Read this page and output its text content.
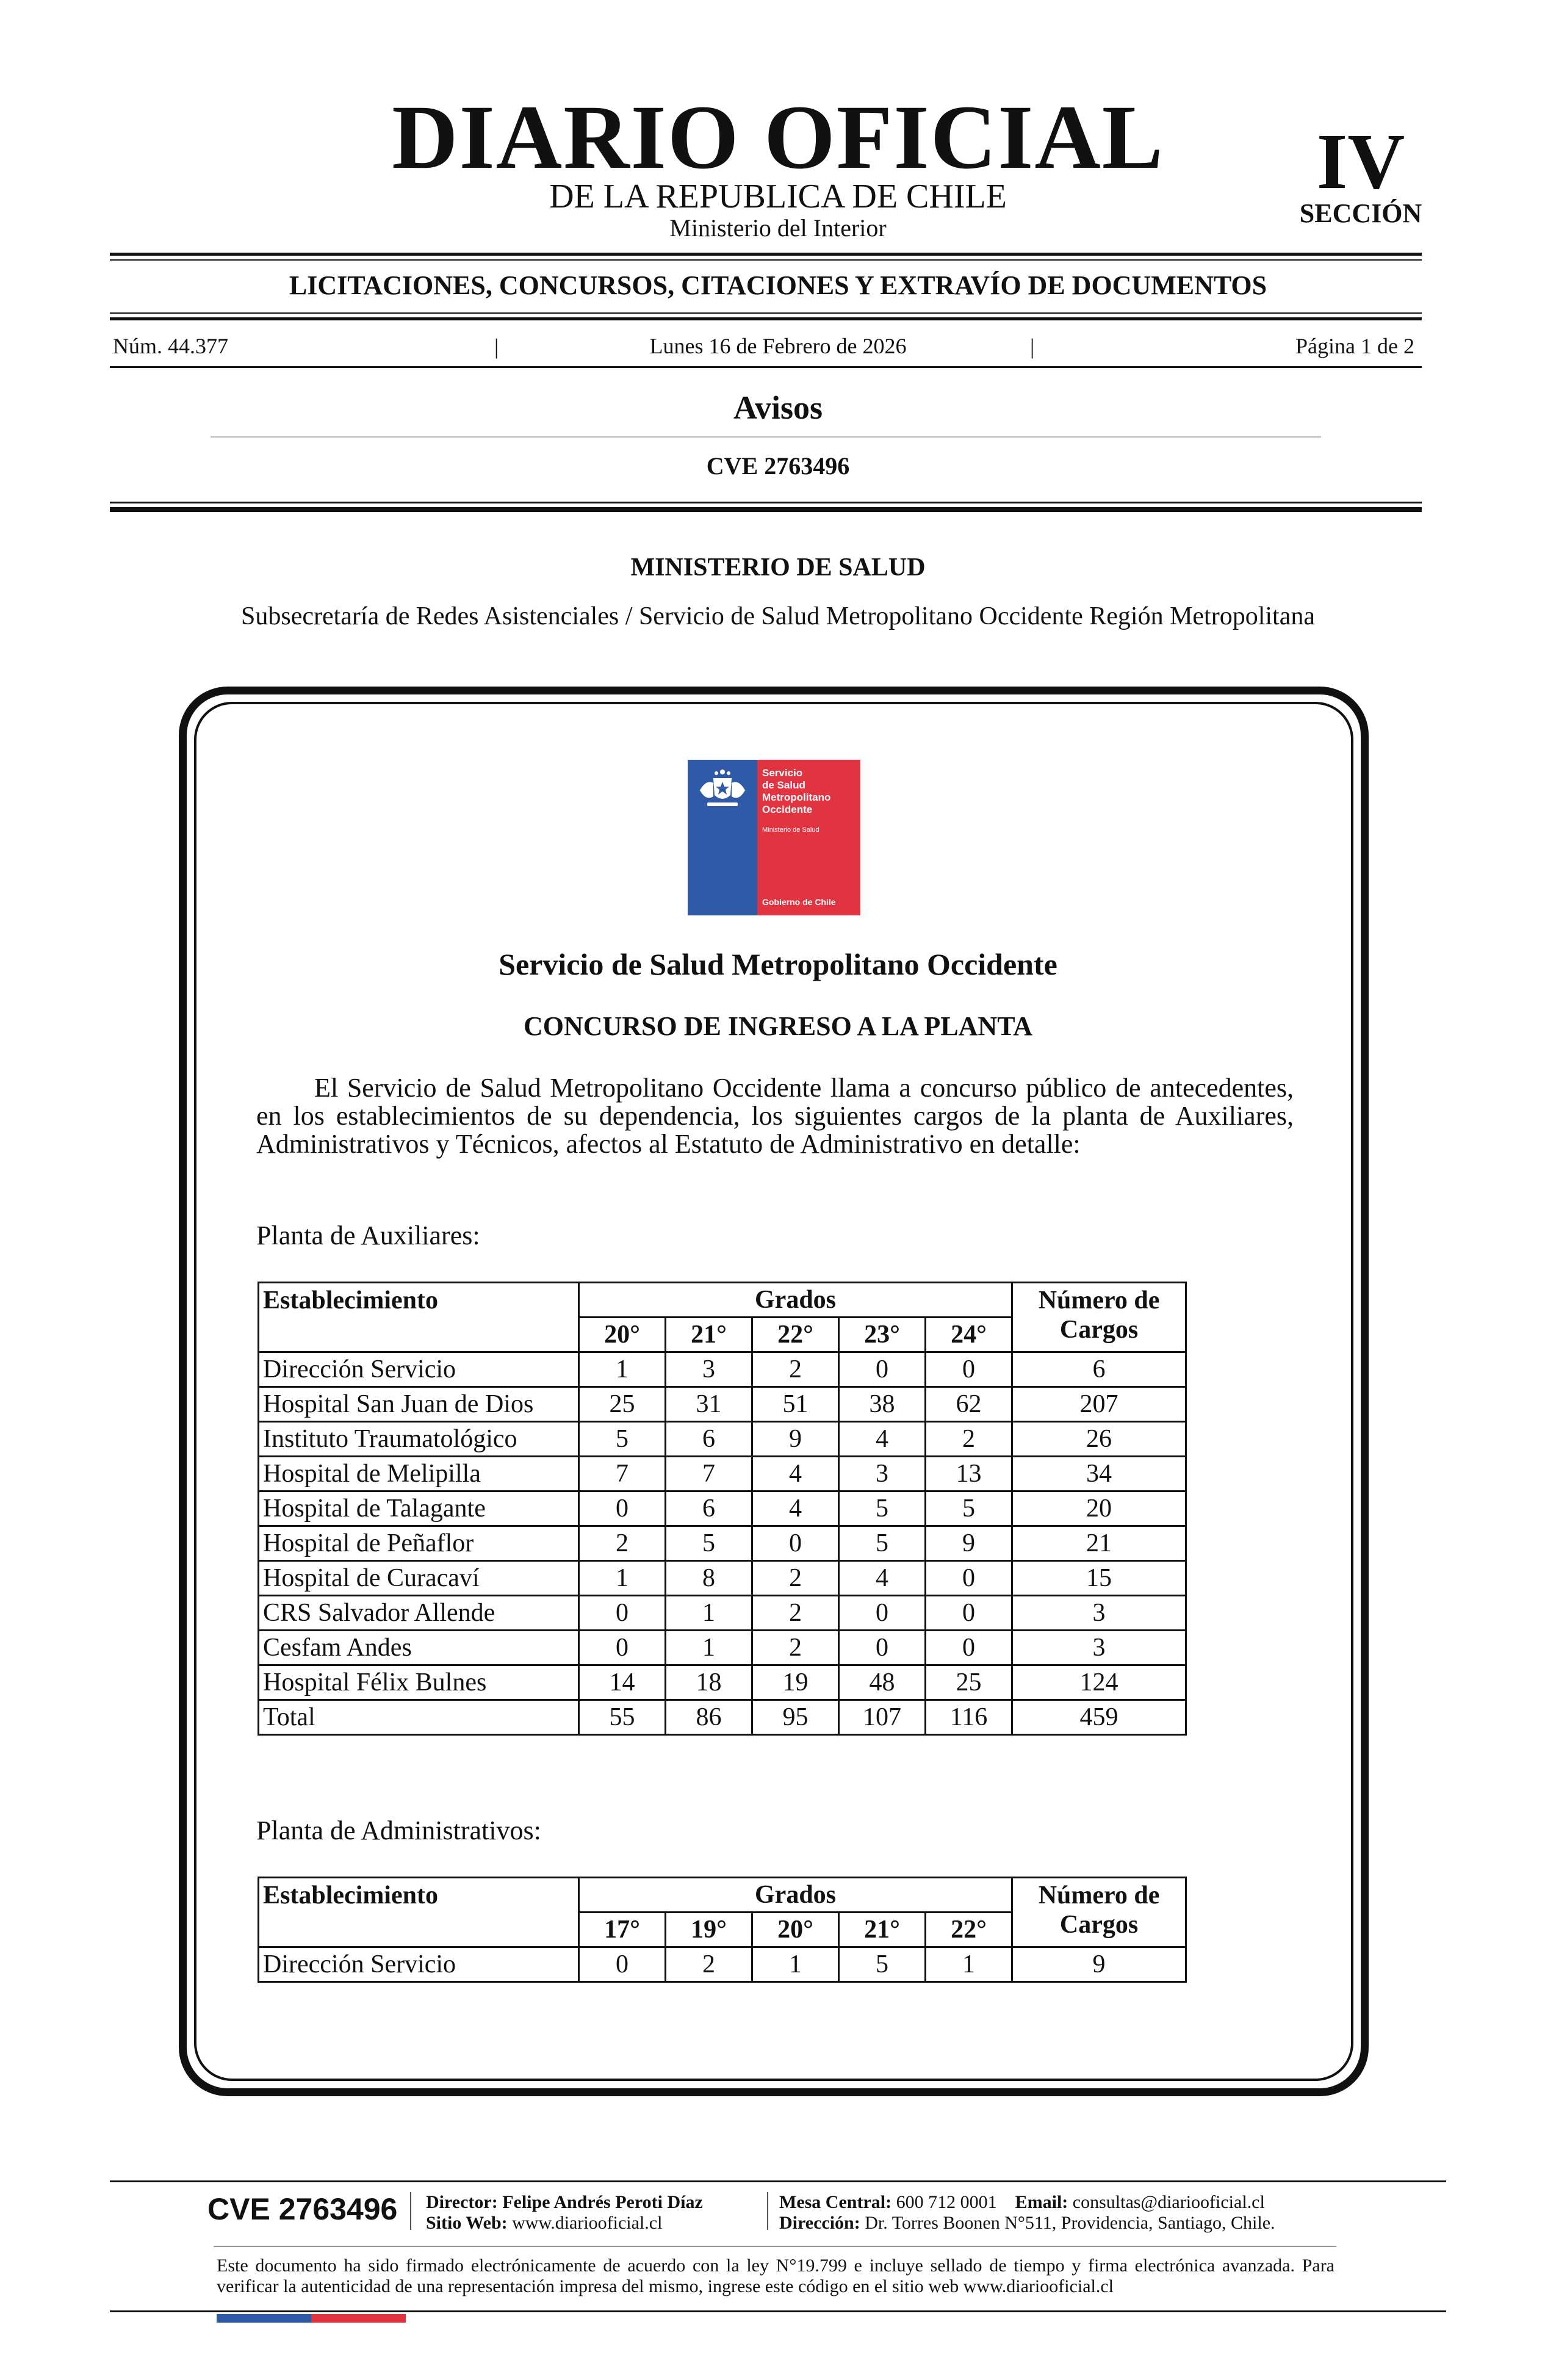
DIARIO OFICIAL
DE LA REPUBLICA DE CHILE
Ministerio del Interior
IV
SECCIÓN
LICITACIONES, CONCURSOS, CITACIONES Y EXTRAVÍO DE DOCUMENTOS
Núm. 44.377	|	Lunes 16 de Febrero de 2026	|	Página 1 de 2
Avisos
CVE 2763496
MINISTERIO DE SALUD
Subsecretaría de Redes Asistenciales / Servicio de Salud Metropolitano Occidente Región Metropolitana
Servicio
de Salud
Metropolitano
Occidente
Ministerio de Salud
Gobierno de Chile
Servicio de Salud Metropolitano Occidente
CONCURSO DE INGRESO A LA PLANTA
El Servicio de Salud Metropolitano Occidente llama a concurso público de antecedentes, en los establecimientos de su dependencia, los siguientes cargos de la planta de Auxiliares, Administrativos y Técnicos, afectos al Estatuto de Administrativo en detalle:
Planta de Auxiliares:
Establecimiento	Grados					Número de Cargos
	20°	21°	22°	23°	24°	
Dirección Servicio	1	3	2	0	0	6
Hospital San Juan de Dios	25	31	51	38	62	207
Instituto Traumatológico	5	6	9	4	2	26
Hospital de Melipilla	7	7	4	3	13	34
Hospital de Talagante	0	6	4	5	5	20
Hospital de Peñaflor	2	5	0	5	9	21
Hospital de Curacaví	1	8	2	4	0	15
CRS Salvador Allende	0	1	2	0	0	3
Cesfam Andes	0	1	2	0	0	3
Hospital Félix Bulnes	14	18	19	48	25	124
Total	55	86	95	107	116	459
Planta de Administrativos:
Establecimiento	Grados					Número de Cargos
	17°	19°	20°	21°	22°	
Dirección Servicio	0	2	1	5	1	9
CVE 2763496 Director: Felipe Andrés Peroti Díaz
Sitio Web: www.diariooficial.cl
Mesa Central: 600 712 0001 Email: consultas@diariooficial.cl
Dirección: Dr. Torres Boonen N°511, Providencia, Santiago, Chile.
Este documento ha sido firmado electrónicamente de acuerdo con la ley N°19.799 e incluye sellado de tiempo y firma electrónica avanzada. Para verificar la autenticidad de una representación impresa del mismo, ingrese este código en el sitio web www.diariooficial.cl
